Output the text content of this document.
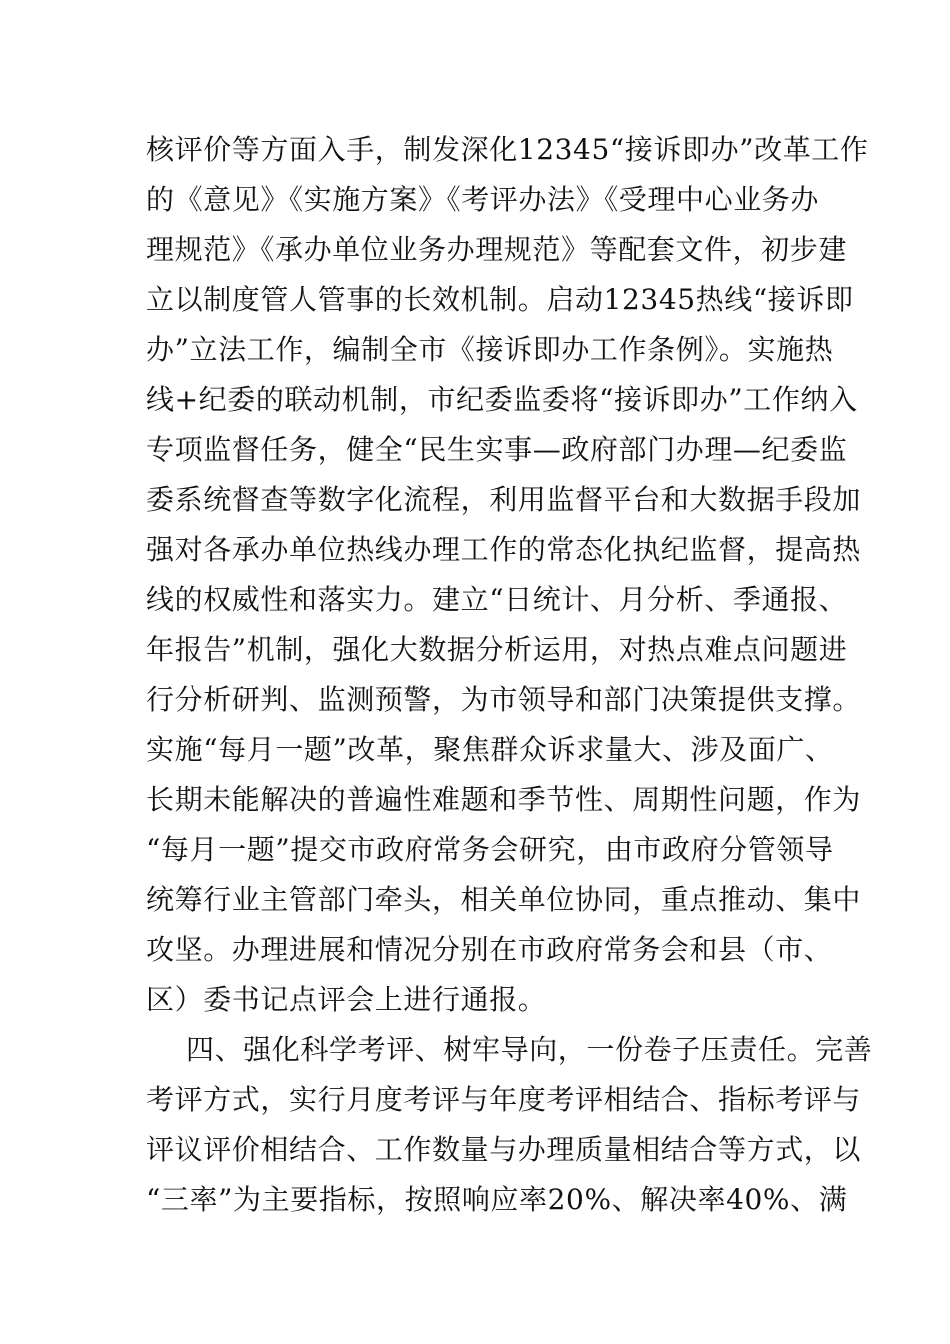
核评价等方面入手，制发深化12345“接诉即办”改革工作
的《意见》《实施方案》《考评办法》《受理中心业务办
理规范》《承办单位业务办理规范》等配套文件，初步建
立以制度管人管事的长效机制。启动12345热线“接诉即
办”立法工作，编制全市《接诉即办工作条例》。实施热
线+纪委的联动机制，市纪委监委将“接诉即办”工作纳入
专项监督任务，健全“民生实事—政府部门办理—纪委监
委系统督查等数字化流程，利用监督平台和大数据手段加
强对各承办单位热线办理工作的常态化执纪监督，提高热
线的权威性和落实力。建立“日统计、月分析、季通报、
年报告”机制，强化大数据分析运用，对热点难点问题进
行分析研判、监测预警，为市领导和部门决策提供支撑。
实施“每月一题”改革，聚焦群众诉求量大、涉及面广、
长期未能解决的普遍性难题和季节性、周期性问题，作为
“每月一题”提交市政府常务会研究，由市政府分管领导
统筹行业主管部门牵头，相关单位协同，重点推动、集中
攻坚。办理进展和情况分别在市政府常务会和县（市、
区）委书记点评会上进行通报。
四、强化科学考评、树牢导向，一份卷子压责任。完善
考评方式，实行月度考评与年度考评相结合、指标考评与
评议评价相结合、工作数量与办理质量相结合等方式，以
“三率”为主要指标，按照响应率20%、解决率40%、满
